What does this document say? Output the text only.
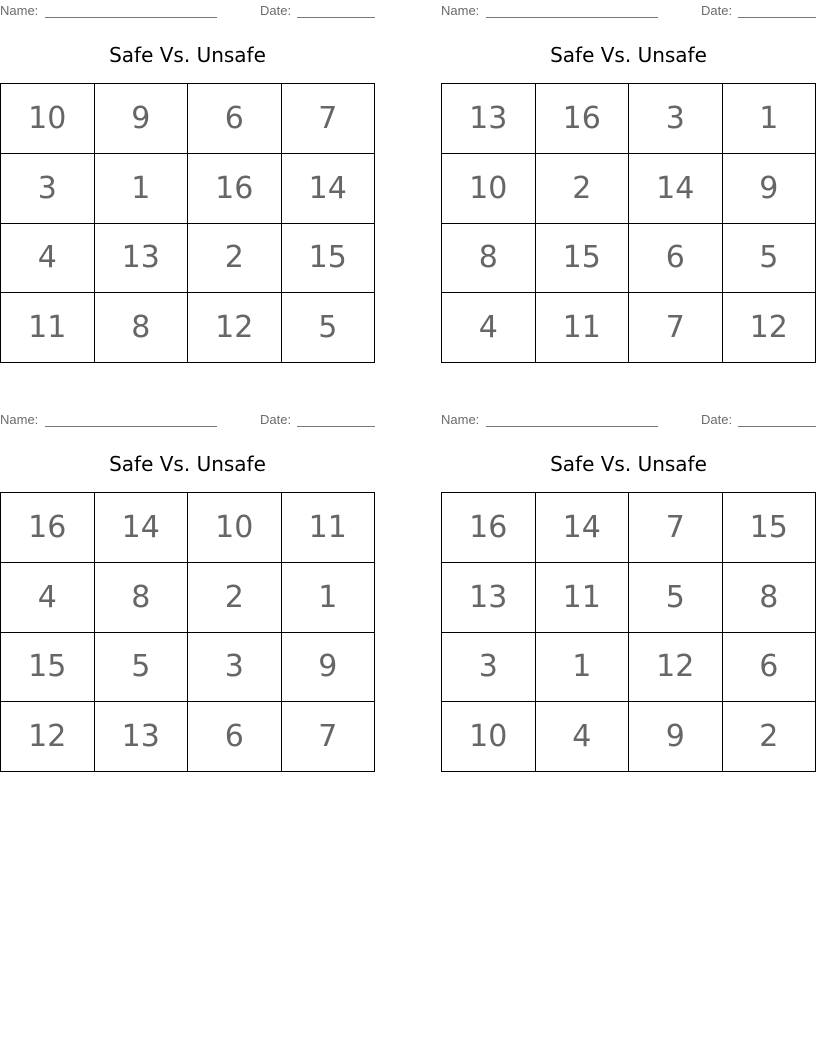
Name:	Date:
Safe Vs. Unsafe
10	9	6	7
3	1	16	14
4	13	2	15
11	8	12	5
Name:	Date:
Safe Vs. Unsafe
13	16	3	1
10	2	14	9
8	15	6	5
4	11	7	12
Name:	Date:
Safe Vs. Unsafe
16	14	10	11
4	8	2	1
15	5	3	9
12	13	6	7
Name:	Date:
Safe Vs. Unsafe
16	14	7	15
13	11	5	8
3	1	12	6
10	4	9	2
